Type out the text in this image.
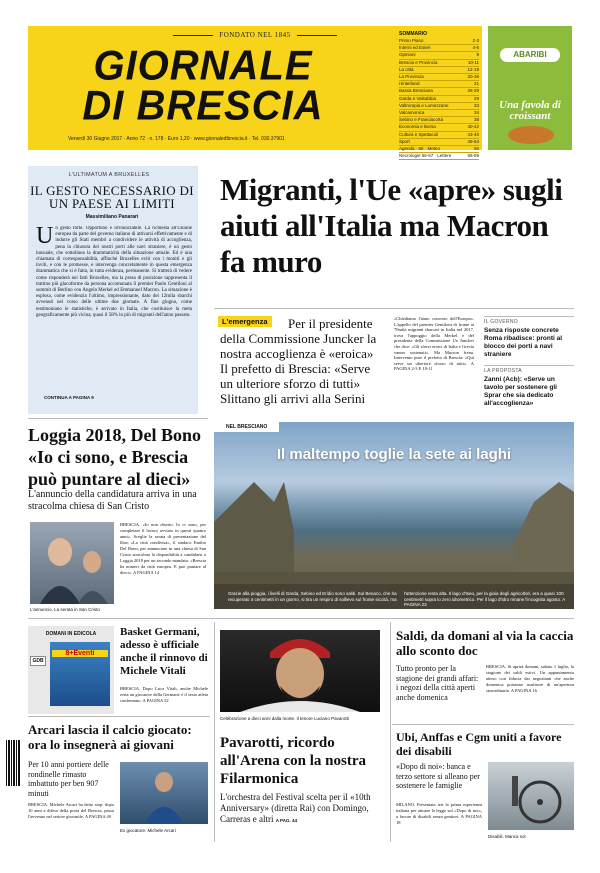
FONDATO NEL 1845
GIORNALE
DI BRESCIA
Venerdì 30 Giugno 2017 · Anno 72 · n. 178 · Euro 1,20 · www.giornaledibrescia.it · Tel. 030.37901
SOMMARIO
Primo Piano	2-3
Interni ed Esteri	4-6
Opinioni	9
Brescia e Provincia	10-11
La città	12-19
La Provincia	20-36
Hinterland	21
Bassa Bresciana	28-29
Garda e Valsabbia	29
Valtrompia e Lumezzane	33
Valcamonica	34
Sebino e Franciacorta	38
Economia e Borsa	40-42
Cultura e Spettacoli	43-46
Sport	49-54
Agenda · 56 · Meteo	56
Necrologie 56-67 · Lettere	58-59
ABARIBI
Una favola di croissant
L'ULTIMATUM A BRUXELLES
IL GESTO NECESSARIO DI UN PAESE AI LIMITI
Massimiliano Panarari
Un gesto forte. Opportuno e irrinunciabile. La richiesta all'Unione europea da parte del governo italiano di attivarsi effettivamente e di indurre gli Stati membri a condividere le attività di accoglienza, pena la chiusura dei nostri porti alle navi straniere, è un gesto inusuale, che sottolinea la drammaticità della situazione attuale. Ed è una chiamata di corresponsabilità, affinché Bruxelles eviti con i monitì e gli inviti, e con le promesse, e intervenga concretamente in questa emergenza drammatica che si è fatta, in tutta evidenza, permanente. Si tratterà di vedere come risponderà nei fatti Bruxelles, ma la presa di posizione rappresenta il trattino più glacoforme da persona accomunata il premier Paolo Gentiloni al summit di Berlino con Angela Merkel ed Emmanuel Macron. La situazione è esplosa, come evidenzia l'ultimo, impressionante, dato dei 12mila sbarchi avvenuti nel corso delle ultime due giornate. A fine giugno, come testimoniano le statistiche, è arrivato in Italia, che costituisce la meta geograficamente più vicina, quasi il 58% in più di migranti dell'anno passato.
CONTINUA A PAGINA 9
Migranti, l'Ue «apre» sugli aiuti all'Italia ma Macron fa muro
Per il presidente della Commissione Juncker la nostra accoglienza è «eroica» Il prefetto di Brescia: «Serve un ulteriore sforzo di tutti» Slittano gli arrivi alla Serini
L'emergenza	«Chiediamo l'aiuto concreto dell'Europa». L'appello del premier Gentiloni di fronte ai 70mila migranti sbarcati in Italia nel 2017, trova l'appoggio della Merkel e del presidente della Commissione Ue Juncker che dice: «Gli sforzi eroici di Italia e Grecia vanno sostenuti». Ma Macron frena. Intervento pure il prefetto di Brescia: «Qui serve un ulteriore sforzo di tutti». A PAGINA 2-3 E 10-11
IL GOVERNO
Senza risposte concrete Roma ribadisce: pronti al blocco dei porti a navi straniere
LA PROPOSTA
Zanni (Acb): «Serve un tavolo per sostenere gli Sprar che sia dedicato all'accoglienza»
Loggia 2018, Del Bono «Io ci sono, e Brescia può puntare al dieci»
L'annuncio della candidatura arriva in una stracolma chiesa di San Cristo
L'annuncio. La serata in San Cristo
BRESCIA. «Io non diserto. Io ci sono, per completare il lavoro avviato in questi quattro anni». Sceglie la serata di presentazione del libro «La città condivisa», il sindaco Emilio Del Bono, per annunciare in una chiesa di San Cristo stracolma la disponibilità a candidarsi a Loggia 2018 per un secondo mandato. «Brescia ha numeri da città europea. E può puntare al dieci». A PAGINA 14
NEL BRESCIANO
Il maltempo toglie la sete ai laghi
Grazie alla pioggia, i livelli di Garda, Sebino ed Eridio sono saliti. Sul Benaco, che ha recuperato 4 centimetri in un giorno, si tira un respiro di sollievo sul fronte siccità, ma
l'attenzione resta alta. Il lago d'Iseo, per la gioia degli agricoltori, era a quasi 100 centimetri sopra lo zero idrometrico. Per il lago d'Idro rimane l'incognita agosto. A PAGINA 23
DOMANI IN EDICOLA
8+Eventi
GDB
Basket Germani, adesso è ufficiale anche il rinnovo di Michele Vitali
BRESCIA. Dopo Luca Vitali, anche Michele resta un giocatore della Germani: è il sesto atleta confermato. A PAGINA 52
Celebrazione a dieci anni dalla morte. Il tenore Luciano Pavarotti
Pavarotti, ricordo all'Arena con la nostra Filarmonica
L'orchestra del Festival scelta per il «10th Anniversary» (diretta Rai) con Domingo, Carreras e altri A PAG. 44
Saldi, da domani al via la caccia allo sconto doc
Tutto pronto per la stagione dei grandi affari: i negozi della città aperti anche domenica
BRESCIA. Si aprirà domani, sabato 1 luglio, la stagione dei saldi estivi. Un appuntamento atteso con fiducia dai negozianti che anche domenica potranno usufruire di un'apertura straordinaria. A PAGINA 16
Arcari lascia il calcio giocato: ora lo insegnerà ai giovani
Per 10 anni portiere delle rondinelle rimasto imbattuto per ben 907 minuti
BRESCIA. Michele Arcari ha detto stop: dopo 10 anni a difesa della porta del Brescia, passa l'avvenuo nel settore giovanile. A PAGINA 49
Ex giocatore. Michele Arcari
Ubi, Anffas e Cgm uniti a favore dei disabili
«Dopo di noi»: banca e terzo settore si alleano per sostenere le famiglie
MILANO. Presentata ieri la prima esperienza italiana per attuare la legge sul «Dopo di noi», a favore di disabili senza genitori. A PAGINA 18
Disabili. Manca sol
